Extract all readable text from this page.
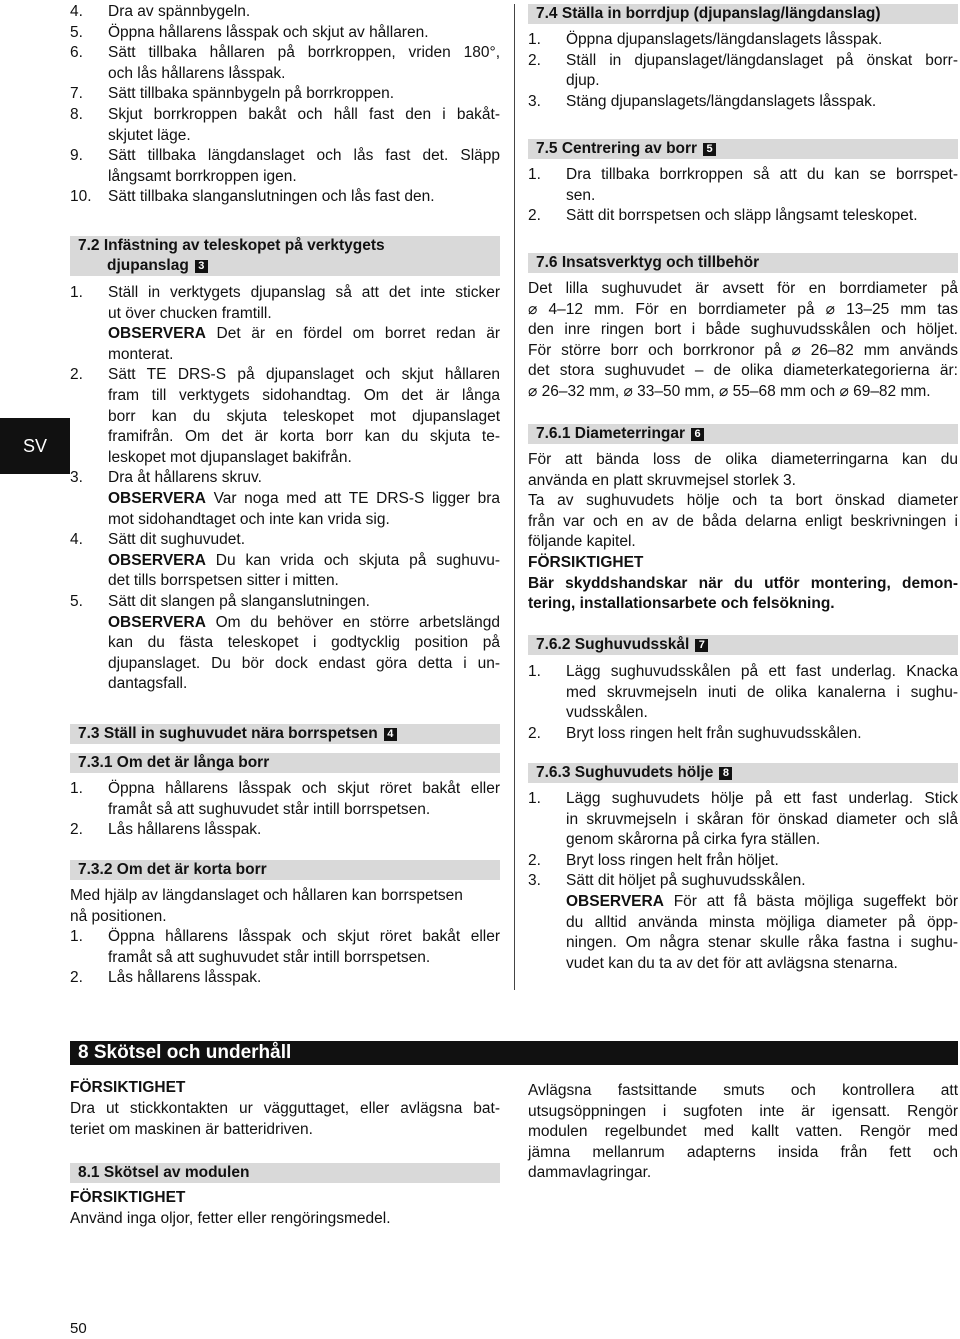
SV
8 Skötsel och underhåll
50
4. Dra av spännbygeln.
5. Öppna hållarens låsspak och skjut av hållaren.
6. Sätt tillbaka hållaren på borrkroppen, vriden 180°,
och lås hållarens låsspak.
7. Sätt tillbaka spännbygeln på borrkroppen.
8. Skjut borrkroppen bakåt och håll fast den i bakåt-
skjutet läge.
9. Sätt tillbaka längdanslaget och lås fast det. Släpp
långsamt borrkroppen igen.
10. Sätt tillbaka slanganslutningen och lås fast den.
7.2 Infästning av teleskopet på verktygets
djupanslag 3
1. Ställ in verktygets djupanslag så att det inte sticker
ut över chucken framtill.
OBSERVERA Det är en fördel om borret redan är
monterat.
2. Sätt TE DRS-S på djupanslaget och skjut hållaren
fram till verktygets sidohandtag. Om det är långa
borr kan du skjuta teleskopet mot djupanslaget
framifrån. Om det är korta borr kan du skjuta te-
leskopet mot djupanslaget bakifrån.
3. Dra åt hållarens skruv.
OBSERVERA Var noga med att TE DRS-S ligger bra
mot sidohandtaget och inte kan vrida sig.
4. Sätt dit sughuvudet.
OBSERVERA Du kan vrida och skjuta på sughuvu-
det tills borrspetsen sitter i mitten.
5. Sätt dit slangen på slanganslutningen.
OBSERVERA Om du behöver en större arbetslängd
kan du fästa teleskopet i godtycklig position på
djupanslaget. Du bör dock endast göra detta i un-
dantagsfall.
7.3 Ställ in sughuvudet nära borrspetsen 4
7.3.1 Om det är långa borr
1. Öppna hållarens låsspak och skjut röret bakåt eller
framåt så att sughuvudet står intill borrspetsen.
2. Lås hållarens låsspak.
7.3.2 Om det är korta borr
Med hjälp av längdanslaget och hållaren kan borrspetsen
nå positionen.
1. Öppna hållarens låsspak och skjut röret bakåt eller
framåt så att sughuvudet står intill borrspetsen.
2. Lås hållarens låsspak.
7.4 Ställa in borrdjup (djupanslag/längdanslag)
1. Öppna djupanslagets/längdanslagets låsspak.
2. Ställ in djupanslaget/längdanslaget på önskat borr-
djup.
3. Stäng djupanslagets/längdanslagets låsspak.
7.5 Centrering av borr 5
1. Dra tillbaka borrkroppen så att du kan se borrspet-
sen.
2. Sätt dit borrspetsen och släpp långsamt teleskopet.
7.6 Insatsverktyg och tillbehör
Det lilla sughuvudet är avsett för en borrdiameter på
⌀ 4–12 mm. För en borrdiameter på ⌀ 13–25 mm tas
den inre ringen bort i både sughuvudsskålen och höljet.
För större borr och borrkronor på ⌀ 26–82 mm används
det stora sughuvudet – de olika diameterkategorierna är:
⌀ 26–32 mm, ⌀ 33–50 mm, ⌀ 55–68 mm och ⌀ 69–82 mm.
7.6.1 Diameterringar 6
För att bända loss de olika diameterringarna kan du
använda en platt skruvmejsel storlek 3.
Ta av sughuvudets hölje och ta bort önskad diameter
från var och en av de båda delarna enligt beskrivningen i
följande kapitel.
FÖRSIKTIGHET
Bär skyddshandskar när du utför montering, demon-
tering, installationsarbete och felsökning.
7.6.2 Sughuvudsskål 7
1. Lägg sughuvudsskålen på ett fast underlag. Knacka
med skruvmejseln inuti de olika kanalerna i sughu-
vudsskålen.
2. Bryt loss ringen helt från sughuvudsskålen.
7.6.3 Sughuvudets hölje 8
1. Lägg sughuvudets hölje på ett fast underlag. Stick
in skruvmejseln i skåran för önskad diameter och slå
genom skårorna på cirka fyra ställen.
2. Bryt loss ringen helt från höljet.
3. Sätt dit höljet på sughuvudsskålen.
OBSERVERA För att få bästa möjliga sugeffekt bör
du alltid använda minsta möjliga diameter på öpp-
ningen. Om några stenar skulle råka fastna i sughu-
vudet kan du ta av det för att avlägsna stenarna.
FÖRSIKTIGHET
Dra ut stickkontakten ur vägguttaget, eller avlägsna bat-
teriet om maskinen är batteridriven.
8.1 Skötsel av modulen
FÖRSIKTIGHET
Använd inga oljor, fetter eller rengöringsmedel.
Avlägsna fastsittande smuts och kontrollera att
utsugsöppningen i sugfoten inte är igensatt. Rengör
modulen regelbundet med kallt vatten. Rengör med
jämna mellanrum adapterns insida från fett och
dammavlagringar.
